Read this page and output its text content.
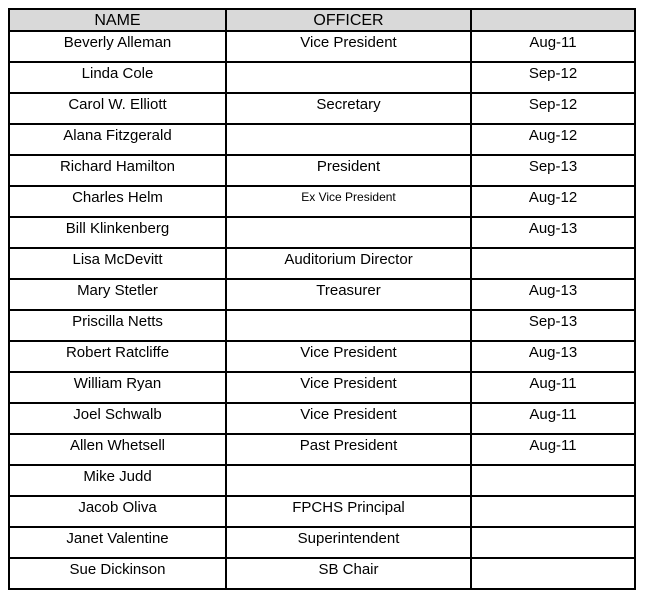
NAME	OFFICER	

Beverly Alleman	Vice President	Aug-11

Linda Cole		Sep-12

Carol W. Elliott	Secretary	Sep-12

Alana Fitzgerald		Aug-12

Richard Hamilton	President	Sep-13

Charles Helm	Ex Vice President	Aug-12

Bill Klinkenberg		Aug-13

Lisa McDevitt	Auditorium Director	

Mary Stetler	Treasurer	Aug-13

Priscilla Netts		Sep-13

Robert Ratcliffe	Vice President	Aug-13

William Ryan	Vice President	Aug-11

Joel Schwalb	Vice President	Aug-11

Allen Whetsell	Past President	Aug-11

Mike Judd		

Jacob Oliva	FPCHS Principal	

Janet Valentine	Superintendent	

Sue Dickinson	SB Chair	
